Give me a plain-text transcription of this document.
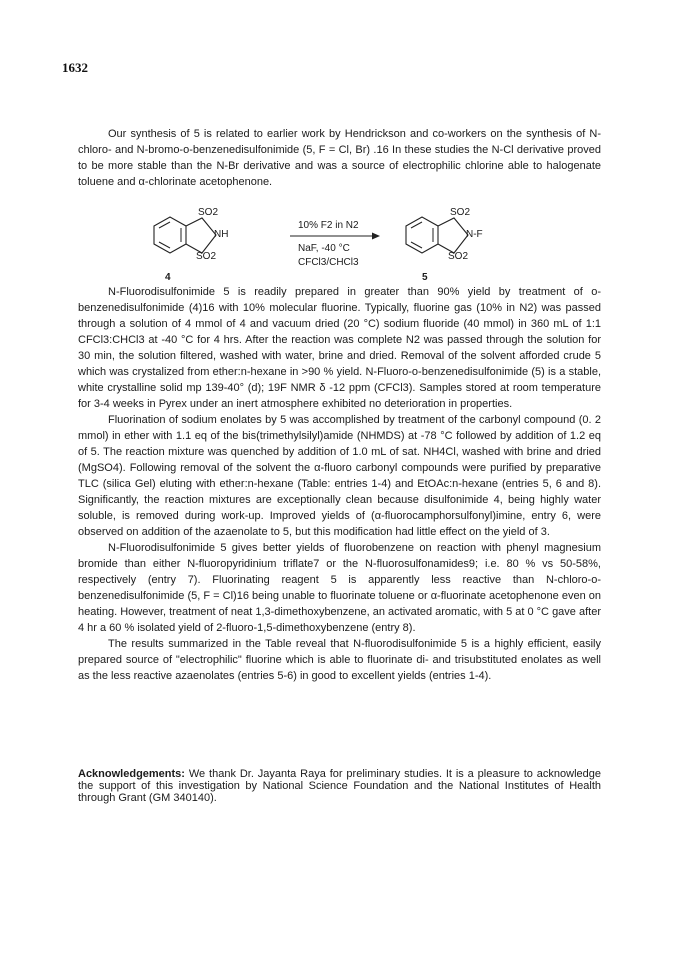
1632

Our synthesis of 5 is related to earlier work by Hendrickson and co-workers on the synthesis of N-chloro- and N-bromo-o-benzenedisulfonimide (5, F = Cl, Br) .16 In these studies the N-Cl derivative proved to be more stable than the N-Br derivative and was a source of electrophilic chlorine able to halogenate toluene and α-chlorinate acetophenone.

SO2
NH
SO2
4
10% F2 in N2
NaF, -40 °C
CFCl3/CHCl3
SO2
N-F
SO2
5

N-Fluorodisulfonimide 5 is readily prepared in greater than 90% yield by treatment of o-benzenedisulfonimide (4)16 with 10% molecular fluorine. Typically, fluorine gas (10% in N2) was passed through a solution of 4 mmol of 4 and vacuum dried (20 °C) sodium fluoride (40 mmol) in 360 mL of 1:1 CFCl3:CHCl3 at -40 °C for 4 hrs. After the reaction was complete N2 was passed through the solution for 30 min, the solution filtered, washed with water, brine and dried. Removal of the solvent afforded crude 5 which was crystalized from ether:n-hexane in >90 % yield. N-Fluoro-o-benzenedisulfonimide (5) is a stable, white crystalline solid mp 139-40° (d); 19F NMR δ -12 ppm (CFCl3). Samples stored at room temperature for 3-4 weeks in Pyrex under an inert atmosphere exhibited no deterioration in properties.

Fluorination of sodium enolates by 5 was accomplished by treatment of the carbonyl compound (0. 2 mmol) in ether with 1.1 eq of the bis(trimethylsilyl)amide (NHMDS) at -78 °C followed by addition of 1.2 eq of 5. The reaction mixture was quenched by addition of 1.0 mL of sat. NH4Cl, washed with brine and dried (MgSO4). Following removal of the solvent the α-fluoro carbonyl compounds were purified by preparative TLC (silica Gel) eluting with ether:n-hexane (Table: entries 1-4) and EtOAc:n-hexane (entries 5, 6 and 8). Significantly, the reaction mixtures are exceptionally clean because disulfonimide 4, being highly water soluble, is removed during work-up. Improved yields of (α-fluorocamphorsulfonyl)imine, entry 6, were observed on addition of the azaenolate to 5, but this modification had little effect on the yield of 3.

N-Fluorodisulfonimide 5 gives better yields of fluorobenzene on reaction with phenyl magnesium bromide than either N-fluoropyridinium triflate7 or the N-fluorosulfonamides9; i.e. 80 % vs 50-58%, respectively (entry 7). Fluorinating reagent 5 is apparently less reactive than N-chloro-o-benzenedisulfonimide (5, F = Cl)16 being unable to fluorinate toluene or α-fluorinate acetophenone even on heating. However, treatment of neat 1,3-dimethoxybenzene, an activated aromatic, with 5 at 0 °C gave after 4 hr a 60 % isolated yield of 2-fluoro-1,5-dimethoxybenzene (entry 8).

The results summarized in the Table reveal that N-fluorodisulfonimide 5 is a highly efficient, easily prepared source of "electrophilic" fluorine which is able to fluorinate di- and trisubstituted enolates as well as the less reactive azaenolates (entries 5-6) in good to excellent yields (entries 1-4).

Acknowledgements: We thank Dr. Jayanta Raya for preliminary studies. It is a pleasure to acknowledge the support of this investigation by National Science Foundation and the National Institutes of Health through Grant (GM 340140).
